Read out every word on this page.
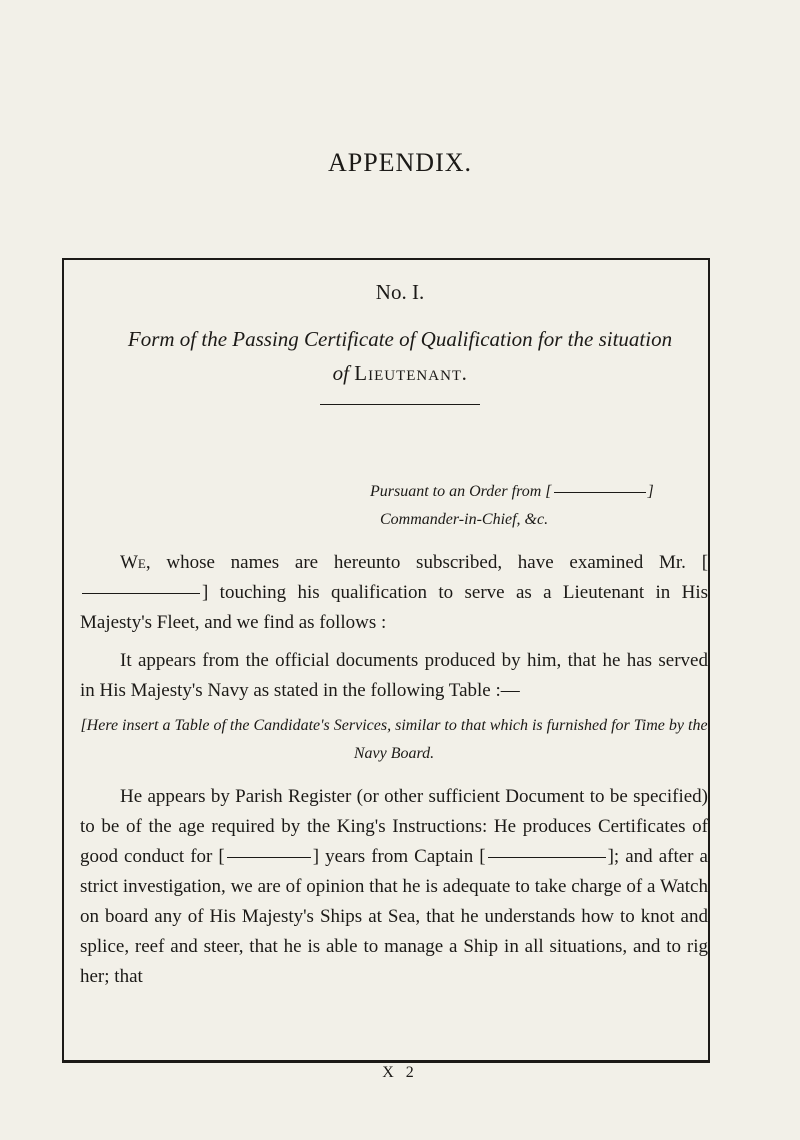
APPENDIX.
No. I.
Form of the Passing Certificate of Qualification for the situation
of Lieutenant.
Pursuant to an Order from [	]
Commander-in-Chief, &c.
We, whose names are hereunto subscribed, have examined Mr. [] touching his qualification to serve as a Lieutenant in His Majesty's Fleet, and we find as follows :
It appears from the official documents produced by him, that he has served in His Majesty's Navy as stated in the following Table :—
[Here insert a Table of the Candidate's Services, similar to that which is furnished for Time by the Navy Board.
He appears by Parish Register (or other sufficient Document to be specified) to be of the age required by the King's Instructions: He produces Certificates of good conduct for [	] years from Captain [	]; and after a strict investigation, we are of opinion that he is adequate to take charge of a Watch on board any of His Majesty's Ships at Sea, that he understands how to knot and splice, reef and steer, that he is able to manage a Ship in all situations, and to rig her; that
X 2
